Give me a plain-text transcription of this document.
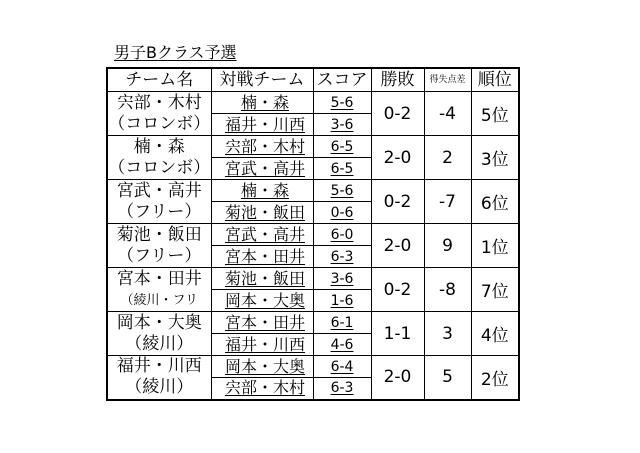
男子Bクラス予選
チーム名	対戦チーム	スコア	勝敗	得失点差	順位

宍部・木村
（コロンボ）	楠・森	5-6	0-2	-4	5位
	福井・川西	3-6			

楠・森
（コロンボ）	宍部・木村	6-5	2-0	2	3位
	宮武・高井	6-5			

宮武・高井
（フリー）	楠・森	5-6	0-2	-7	6位
	菊池・飯田	0-6			

菊池・飯田
（フリー）	宮武・高井	6-0	2-0	9	1位
	宮本・田井	6-3			

宮本・田井
（綾川・フリ	菊池・飯田	3-6	0-2	-8	7位
	岡本・大奥	1-6			

岡本・大奥
（綾川）	宮本・田井	6-1	1-1	3	4位
	福井・川西	4-6			

福井・川西
（綾川）	岡本・大奥	6-4	2-0	5	2位
	宍部・木村	6-3			
